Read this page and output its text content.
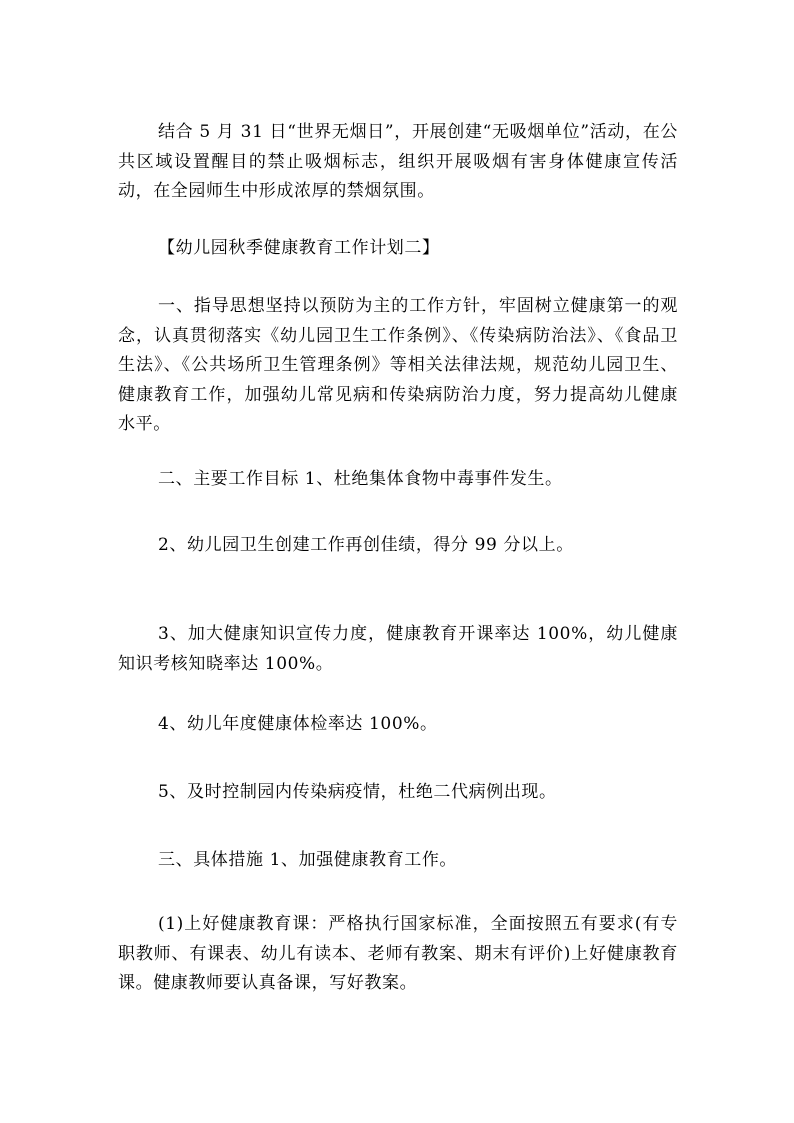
结合 5 月 31 日“世界无烟日”，开展创建“无吸烟单位”活动，在公共区域设置醒目的禁止吸烟标志，组织开展吸烟有害身体健康宣传活动，在全园师生中形成浓厚的禁烟氛围。

【幼儿园秋季健康教育工作计划二】

一、指导思想坚持以预防为主的工作方针，牢固树立健康第一的观念，认真贯彻落实《幼儿园卫生工作条例》、《传染病防治法》、《食品卫生法》、《公共场所卫生管理条例》等相关法律法规，规范幼儿园卫生、健康教育工作，加强幼儿常见病和传染病防治力度，努力提高幼儿健康水平。

二、主要工作目标 1、杜绝集体食物中毒事件发生。

2、幼儿园卫生创建工作再创佳绩，得分 99 分以上。

3、加大健康知识宣传力度，健康教育开课率达 100%，幼儿健康知识考核知晓率达 100%。

4、幼儿年度健康体检率达 100%。

5、及时控制园内传染病疫情，杜绝二代病例出现。

三、具体措施 1、加强健康教育工作。

(1)上好健康教育课：严格执行国家标准，全面按照五有要求(有专职教师、有课表、幼儿有读本、老师有教案、期末有评价)上好健康教育课。健康教师要认真备课，写好教案。
